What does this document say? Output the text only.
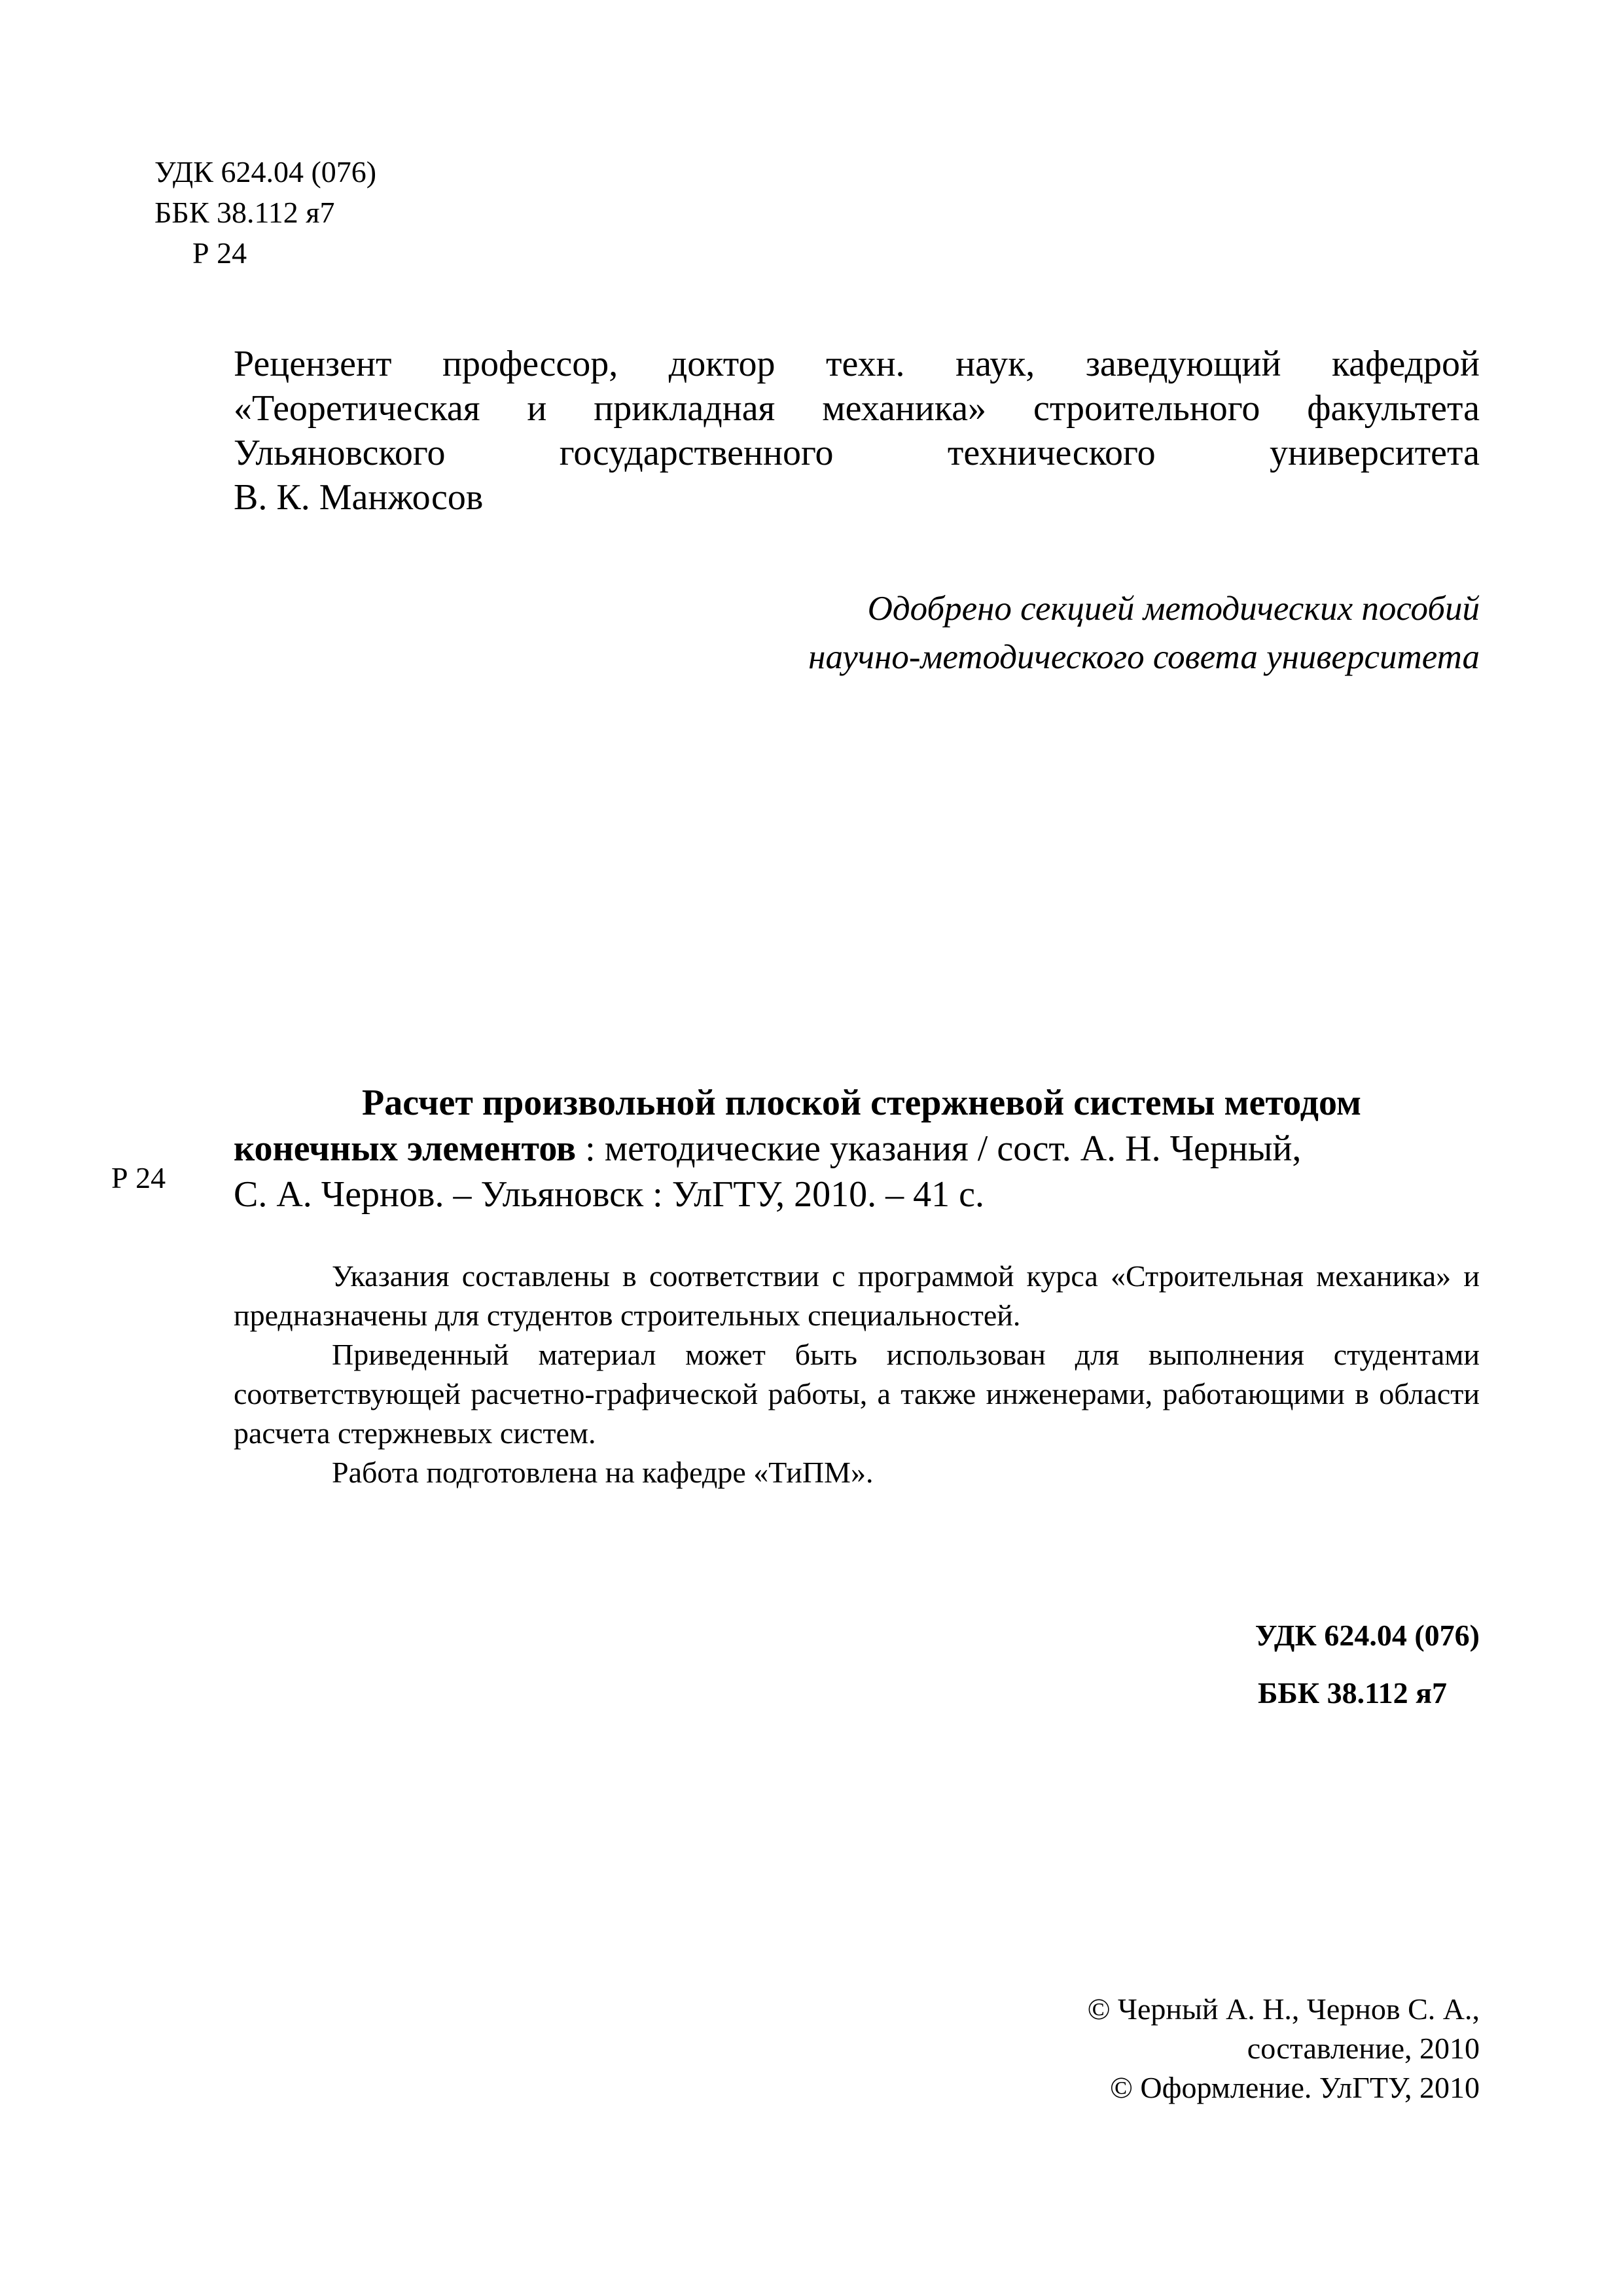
УДК 624.04 (076)
ББК 38.112 я7
Р 24
Рецензент профессор, доктор техн. наук, заведующий кафедрой
«Теоретическая и прикладная механика» строительного факультета
Ульяновского	государственного	технического	университета
В. К. Манжосов
Одобрено секцией методических пособий
научно-методического совета университета
Р 24
Расчет произвольной плоской стержневой системы методом
конечных элементов : методические указания / сост. А. Н. Черный,
С. А. Чернов. – Ульяновск : УлГТУ, 2010. – 41 с.

Указания составлены в соответствии с программой курса «Строительная механика» и предназначены для студентов строительных специальностей.

Приведенный материал может быть использован для выполнения студентами соответствующей расчетно-графической работы, а также инженерами, работающими в области расчета стержневых систем.

Работа подготовлена на кафедре «ТиПМ».

УДК 624.04 (076)
ББК 38.112 я7
© Черный А. Н., Чернов С. А.,
составление, 2010
© Оформление. УлГТУ, 2010
